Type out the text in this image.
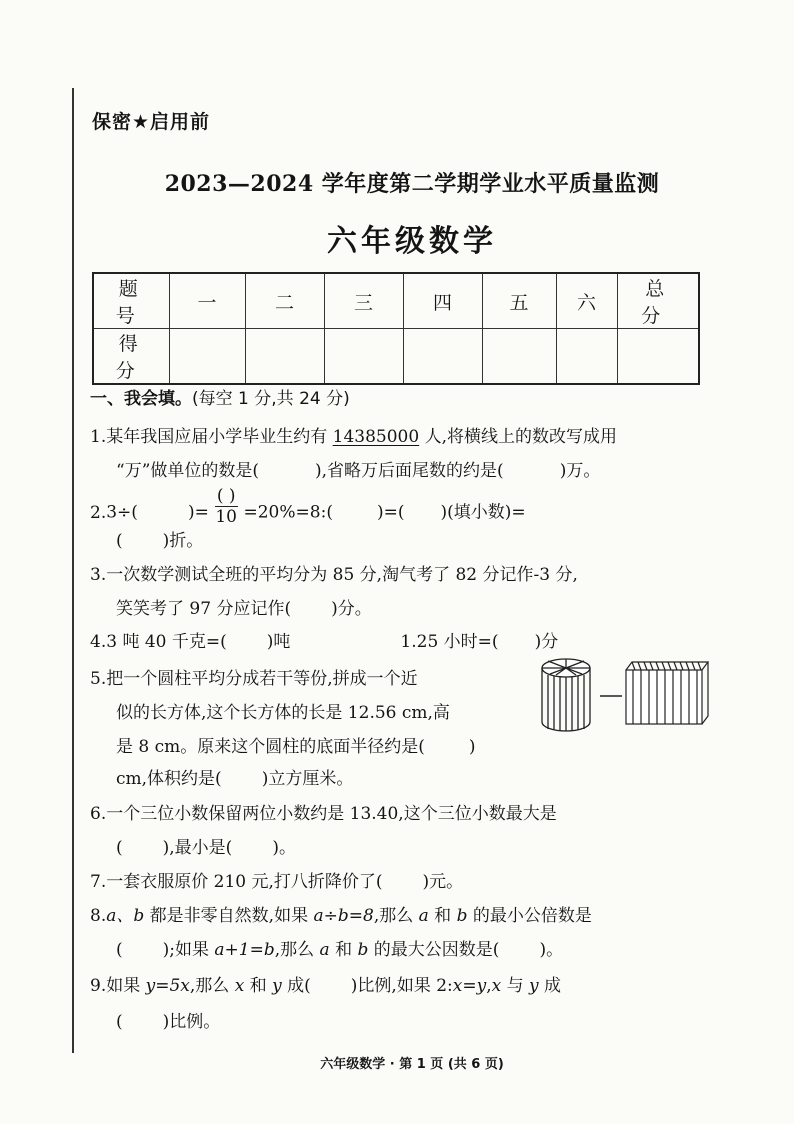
保密★启用前
2023—2024 学年度第二学期学业水平质量监测
六年级数学
题 号	一	二	三	四	五	六	总 分
得 分							
一、我会填。(每空 1 分,共 24 分)
1.某年我国应届小学毕业生约有 14385000 人,将横线上的数改写成用
“万”做单位的数是(	),省略万后面尾数的约是(	)万。
2.3÷(	)= $\frac{( )}{10}$ =20%=8:(	)=( )(填小数)=
( )折。
3.一次数学测试全班的平均分为 85 分,淘气考了 82 分记作-3 分,
笑笑考了 97 分应记作( )分。
4.3 吨 40 千克=( )吨	1.25 小时=( )分
5.把一个圆柱平均分成若干等份,拼成一个近
似的长方体,这个长方体的长是 12.56 cm,高
是 8 cm。原来这个圆柱的底面半径约是(	)
cm,体积约是( )立方厘米。
6.一个三位小数保留两位小数约是 13.40,这个三位小数最大是
( ),最小是( )。
7.一套衣服原价 210 元,打八折降价了( )元。
8.a、b 都是非零自然数,如果 a÷b=8,那么 a 和 b 的最小公倍数是
( );如果 a+1=b,那么 a 和 b 的最大公因数是( )。
9.如果 y=5x,那么 x 和 y 成( )比例,如果 2:x=y,x 与 y 成
( )比例。
六年级数学 · 第 1 页 (共 6 页)
